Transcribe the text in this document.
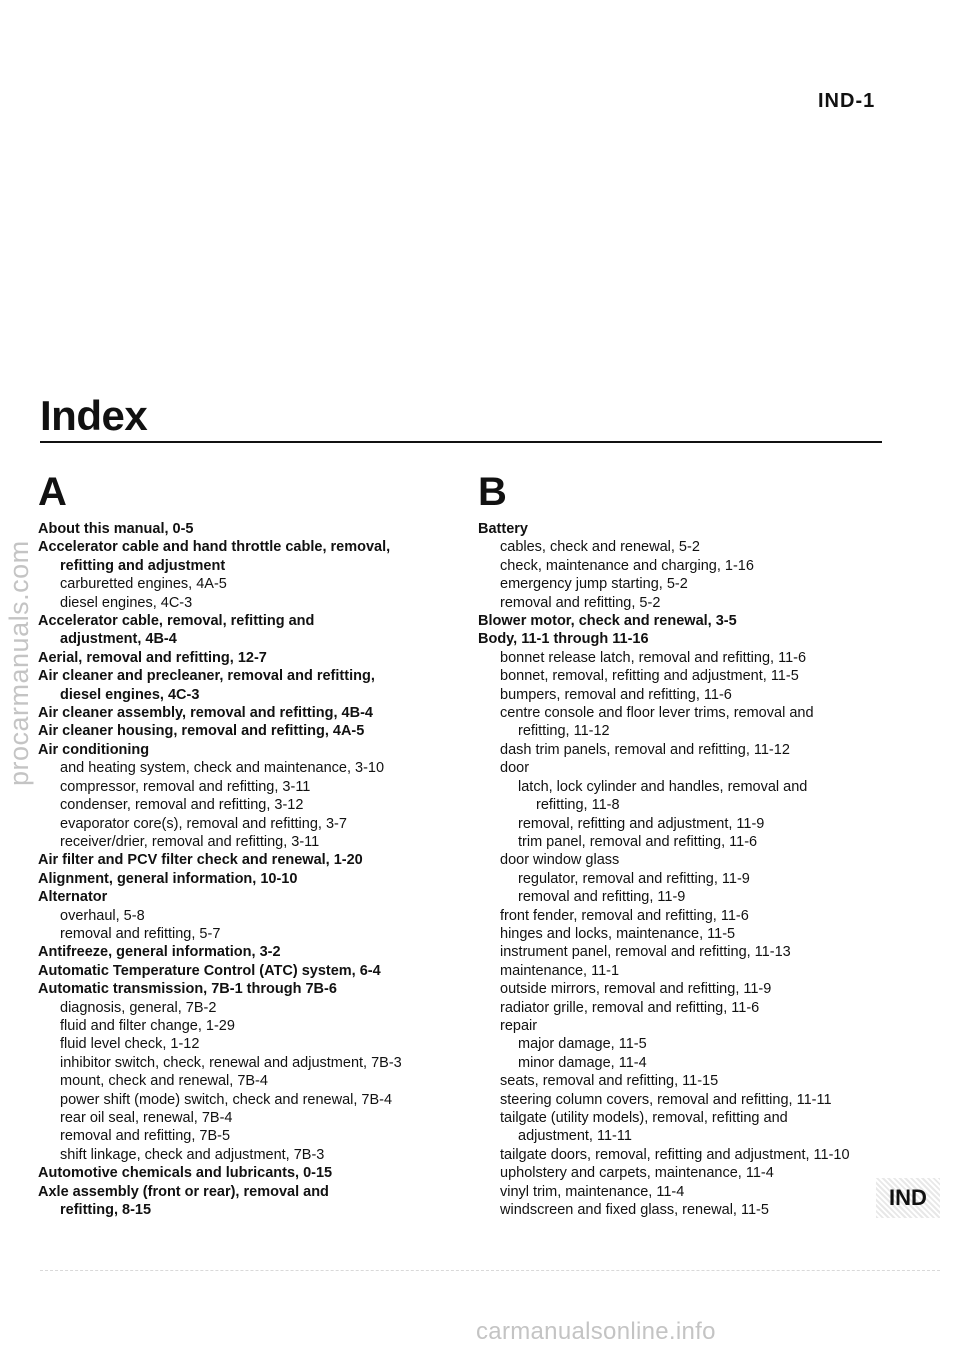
IND-1
Index
A
About this manual, 0-5
Accelerator cable and hand throttle cable, removal,
refitting and adjustment
carburetted engines, 4A-5
diesel engines, 4C-3
Accelerator cable, removal, refitting and
adjustment, 4B-4
Aerial, removal and refitting, 12-7
Air cleaner and precleaner, removal and refitting,
diesel engines, 4C-3
Air cleaner assembly, removal and refitting, 4B-4
Air cleaner housing, removal and refitting, 4A-5
Air conditioning
and heating system, check and maintenance, 3-10
compressor, removal and refitting, 3-11
condenser, removal and refitting, 3-12
evaporator core(s), removal and refitting, 3-7
receiver/drier, removal and refitting, 3-11
Air filter and PCV filter check and renewal, 1-20
Alignment, general information, 10-10
Alternator
overhaul, 5-8
removal and refitting, 5-7
Antifreeze, general information, 3-2
Automatic Temperature Control (ATC) system, 6-4
Automatic transmission, 7B-1 through 7B-6
diagnosis, general, 7B-2
fluid and filter change, 1-29
fluid level check, 1-12
inhibitor switch, check, renewal and adjustment, 7B-3
mount, check and renewal, 7B-4
power shift (mode) switch, check and renewal, 7B-4
rear oil seal, renewal, 7B-4
removal and refitting, 7B-5
shift linkage, check and adjustment, 7B-3
Automotive chemicals and lubricants, 0-15
Axle assembly (front or rear), removal and
refitting, 8-15
B
Battery
cables, check and renewal, 5-2
check, maintenance and charging, 1-16
emergency jump starting, 5-2
removal and refitting, 5-2
Blower motor, check and renewal, 3-5
Body, 11-1 through 11-16
bonnet release latch, removal and refitting, 11-6
bonnet, removal, refitting and adjustment, 11-5
bumpers, removal and refitting, 11-6
centre console and floor lever trims, removal and
refitting, 11-12
dash trim panels, removal and refitting, 11-12
door
latch, lock cylinder and handles, removal and
refitting, 11-8
removal, refitting and adjustment, 11-9
trim panel, removal and refitting, 11-6
door window glass
regulator, removal and refitting, 11-9
removal and refitting, 11-9
front fender, removal and refitting, 11-6
hinges and locks, maintenance, 11-5
instrument panel, removal and refitting, 11-13
maintenance, 11-1
outside mirrors, removal and refitting, 11-9
radiator grille, removal and refitting, 11-6
repair
major damage, 11-5
minor damage, 11-4
seats, removal and refitting, 11-15
steering column covers, removal and refitting, 11-11
tailgate (utility models), removal, refitting and
adjustment, 11-11
tailgate doors, removal, refitting and adjustment, 11-10
upholstery and carpets, maintenance, 11-4
vinyl trim, maintenance, 11-4
windscreen and fixed glass, renewal, 11-5
procarmanuals.com
IND
carmanualsonline.info
